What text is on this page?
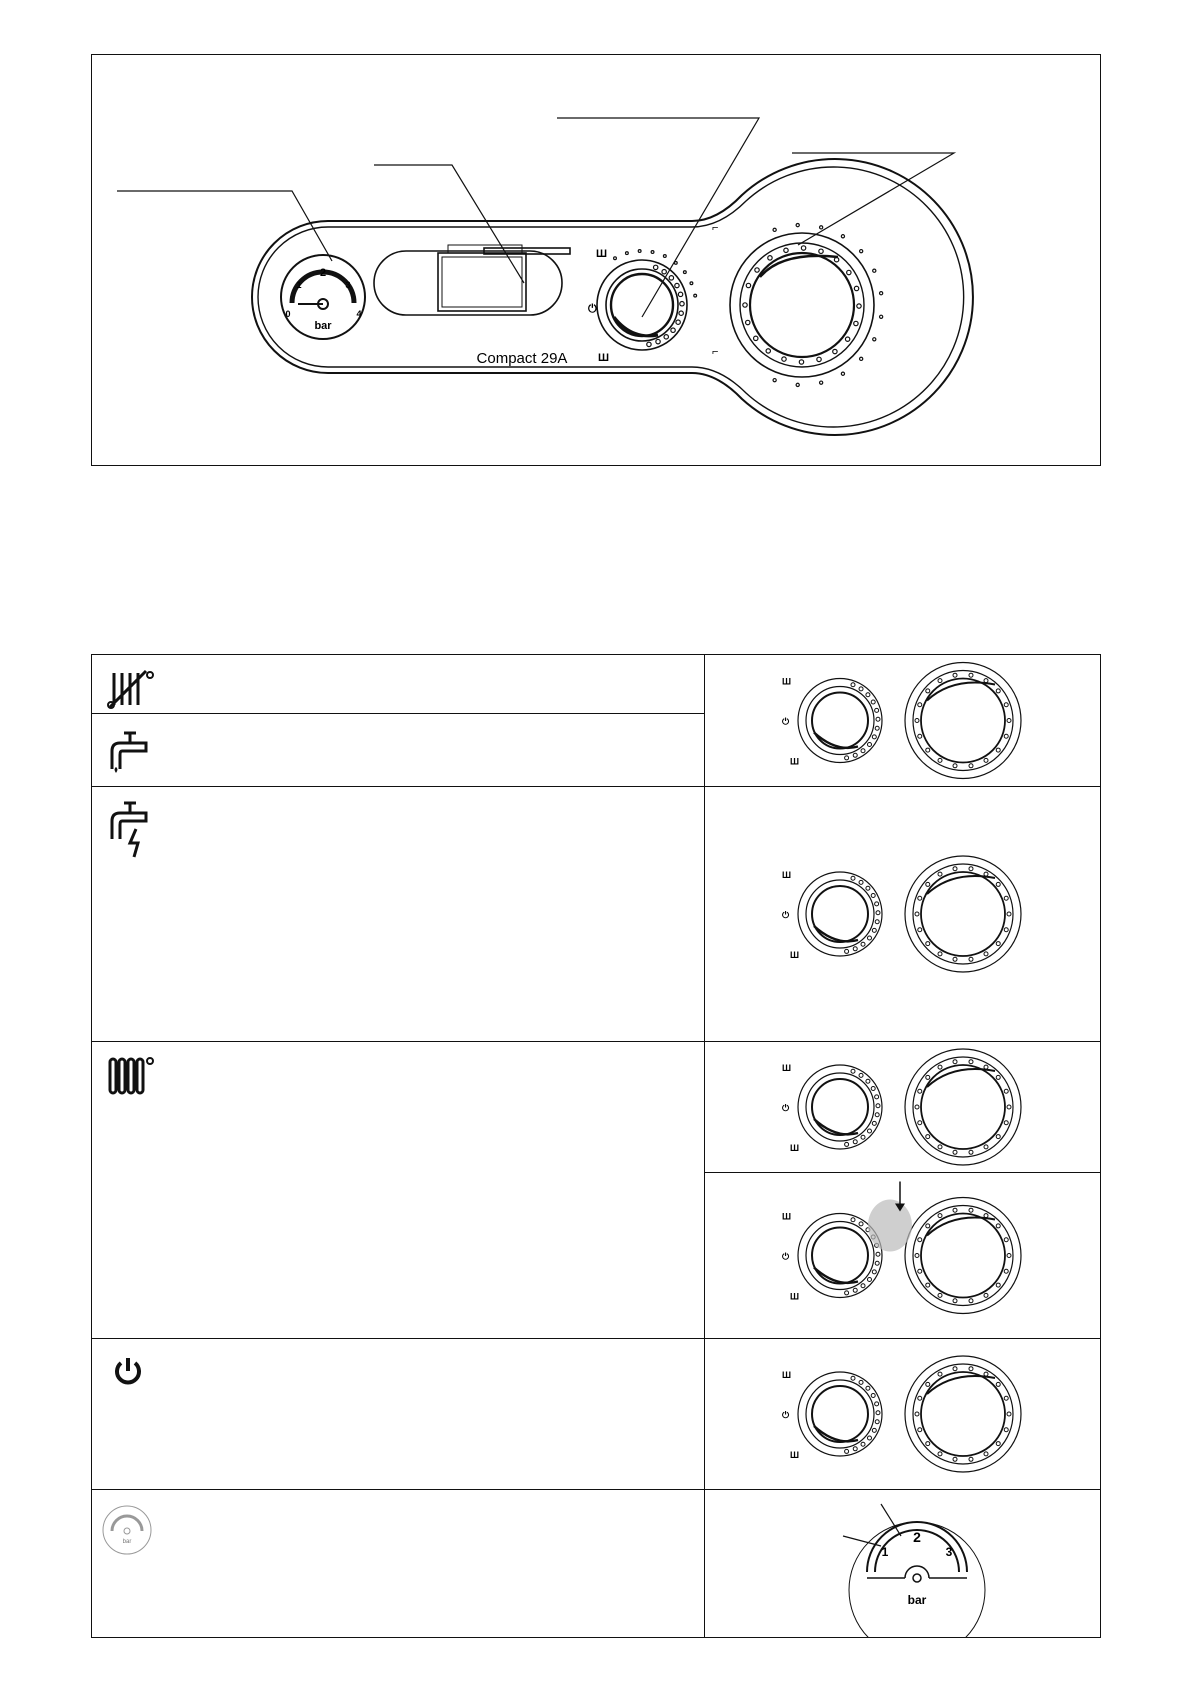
0
1
2
3
4
bar
Compact 29A
Ш
⏻
Ш
⌐
⌐
bar
Ш
⏻
Ш
Ш
⏻
Ш
Ш
⏻
Ш
Ш
⏻
Ш
Ш
⏻
Ш
1
2
3
bar
